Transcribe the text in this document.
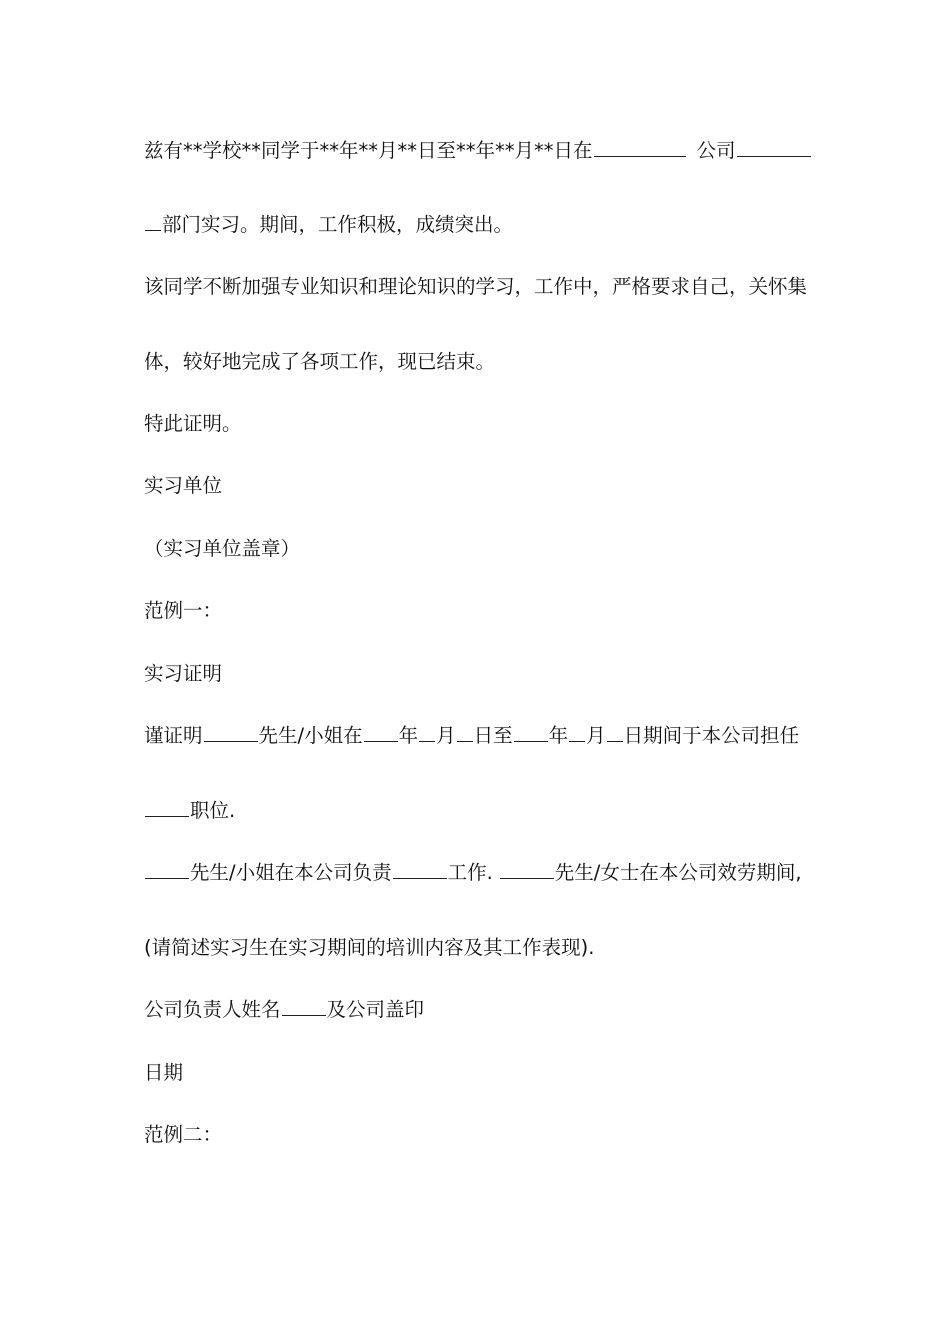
兹有**学校**同学于**年**月**日至**年**月**日在	公司
部门实习。期间，工作积极，成绩突出。
该同学不断加强专业知识和理论知识的学习，工作中，严格要求自己，关怀集
体，较好地完成了各项工作，现已结束。
特此证明。
实习单位
（实习单位盖章）
范例一：
实习证明
谨证明	先生/小姐在 年 月 日至 年 月 日期间于本公司担任
职位.
先生/小姐在本公司负责	工作.	先生/女士在本公司效劳期间,
(请简述实习生在实习期间的培训内容及其工作表现).
公司负责人姓名 及公司盖印
日期
范例二：
